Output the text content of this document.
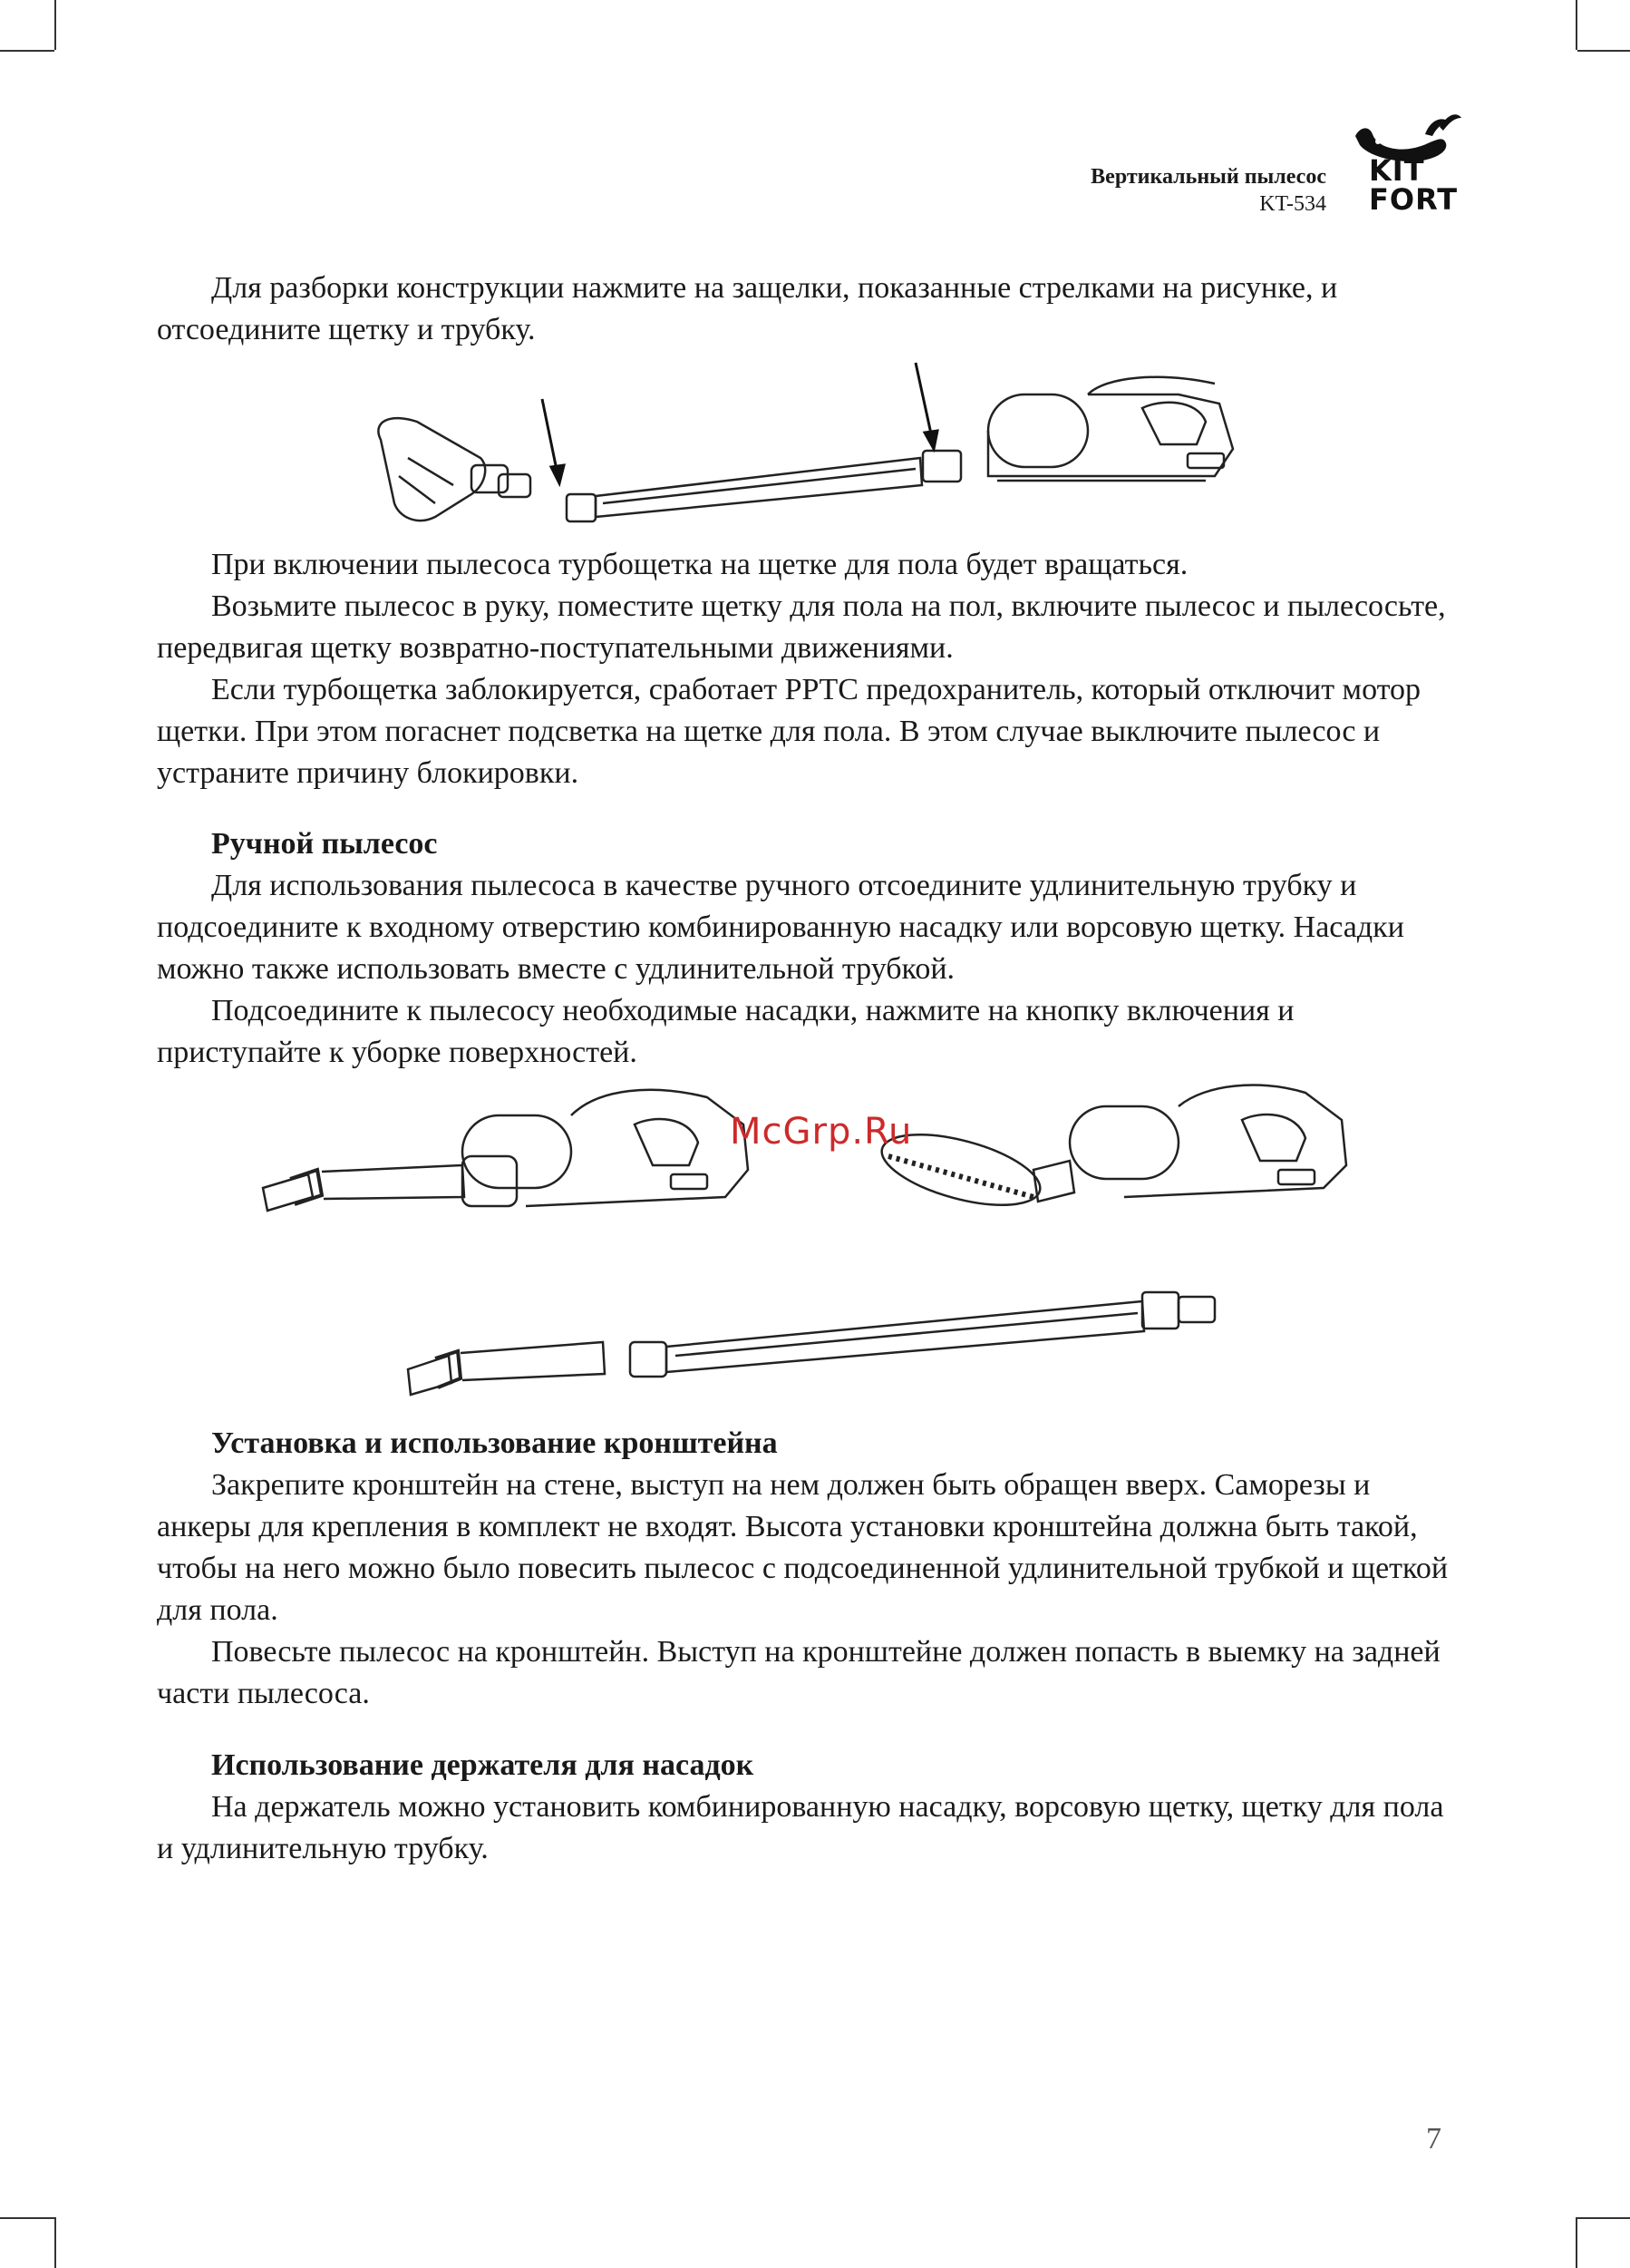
Вертикальный пылесос
KT-534
KIT
FORT

Для разборки конструкции нажмите на защелки, показанные стрелками на рисунке, и отсоедините щетку и трубку.

При включении пылесоса турбощетка на щетке для пола будет вращаться.

Возьмите пылесос в руку, поместите щетку для пола на пол, включите пылесос и пылесосьте, передвигая щетку возвратно-поступательными движениями.

Если турбощетка заблокируется, сработает PPTC предохранитель, который отключит мотор щетки. При этом погаснет подсветка на щетке для пола. В этом случае выключите пылесос и устраните причину блокировки.

Ручной пылесос

Для использования пылесоса в качестве ручного отсоедините удлинительную трубку и подсоедините к входному отверстию комбинированную насадку или ворсовую щетку. Насадки можно также использовать вместе с удлинительной трубкой.

Подсоедините к пылесосу необходимые насадки, нажмите на кнопку включения и приступайте к уборке поверхностей.

McGrp.Ru
Установка и использование кронштейна

Закрепите кронштейн на стене, выступ на нем должен быть обращен вверх. Саморезы и анкеры для крепления в комплект не входят. Высота установки кронштейна должна быть такой, чтобы на него можно было повесить пылесос с подсоединенной удлинительной трубкой и щеткой для пола.

Повесьте пылесос на кронштейн. Выступ на кронштейне должен попасть в выемку на задней части пылесоса.

Использование держателя для насадок

На держатель можно установить комбинированную насадку, ворсовую щетку, щетку для пола и удлинительную трубку.

7
